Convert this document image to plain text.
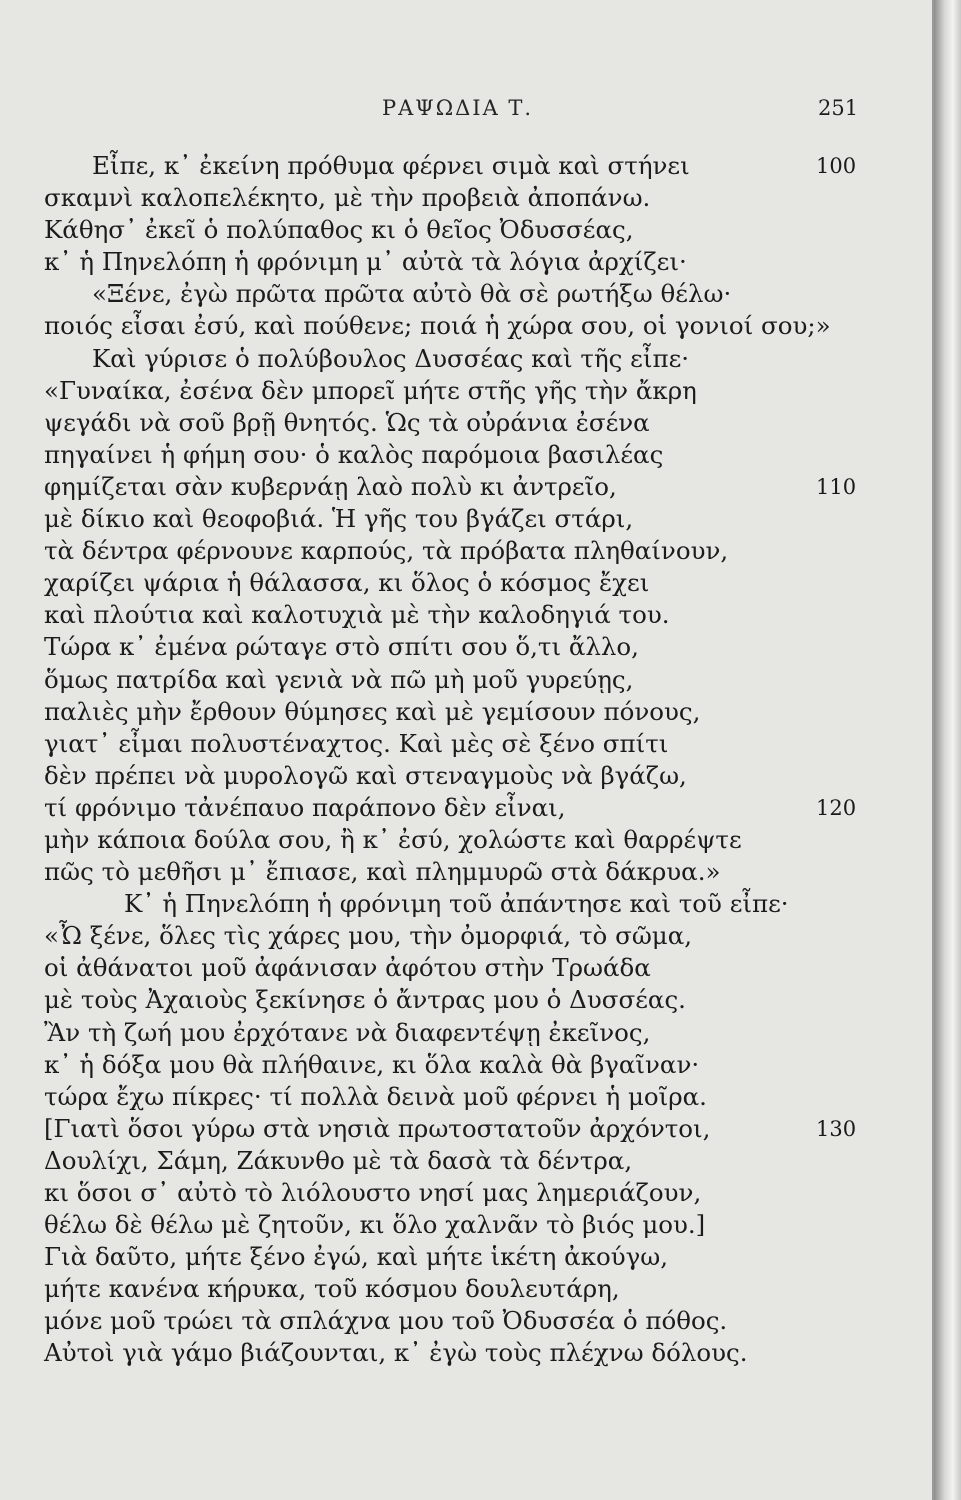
ΡΑΨΩΔΙΑ Τ.	251
Εἶπε, κ᾽ ἐκείνη πρόθυμα φέρνει σιμὰ καὶ στήνει	100
σκαμνὶ καλοπελέκητο, μὲ τὴν προβειὰ ἀποπάνω.
Κάθησ᾽ ἐκεῖ ὁ πολύπαθος κι ὁ θεῖος Ὀδυσσέας,
κ᾽ ἡ Πηνελόπη ἡ φρόνιμη μ᾽ αὐτὰ τὰ λόγια ἀρχίζει·
«Ξένε, ἐγὼ πρῶτα πρῶτα αὐτὸ θὰ σὲ ρωτήξω θέλω·
ποιός εἶσαι ἐσύ, καὶ πούθενε; ποιά ἡ χώρα σου, οἱ γονιοί σου;»
Καὶ γύρισε ὁ πολύβουλος Δυσσέας καὶ τῆς εἶπε·
«Γυναίκα, ἐσένα δὲν μπορεῖ μήτε στῆς γῆς τὴν ἄκρη
ψεγάδι νὰ σοῦ βρῇ θνητός. Ὡς τὰ οὐράνια ἐσένα
πηγαίνει ἡ φήμη σου· ὁ καλὸς παρόμοια βασιλέας
φημίζεται σὰν κυβερνάῃ λαὸ πολὺ κι ἀντρεῖο,	110
μὲ δίκιο καὶ θεοφοβιά. Ἡ γῆς του βγάζει στάρι,
τὰ δέντρα φέρνουνε καρπούς, τὰ πρόβατα πληθαίνουν,
χαρίζει ψάρια ἡ θάλασσα, κι ὅλος ὁ κόσμος ἔχει
καὶ πλούτια καὶ καλοτυχιὰ μὲ τὴν καλοδηγιά του.
Τώρα κ᾽ ἐμένα ρώταγε στὸ σπίτι σου ὅ,τι ἄλλο,
ὅμως πατρίδα καὶ γενιὰ νὰ πῶ μὴ μοῦ γυρεύῃς,
παλιὲς μὴν ἔρθουν θύμησες καὶ μὲ γεμίσουν πόνους,
γιατ᾽ εἶμαι πολυστέναχτος. Καὶ μὲς σὲ ξένο σπίτι
δὲν πρέπει νὰ μυρολογῶ καὶ στεναγμοὺς νὰ βγάζω,
τί φρόνιμο τἀνέπαυο παράπονο δὲν εἶναι,	120
μὴν κάποια δούλα σου, ἢ κ᾽ ἐσύ, χολώστε καὶ θαρρέψτε
πῶς τὸ μεθῆσι μ᾽ ἔπιασε, καὶ πλημμυρῶ στὰ δάκρυα.»
Κ᾽ ἡ Πηνελόπη ἡ φρόνιμη τοῦ ἀπάντησε καὶ τοῦ εἶπε·
«Ὦ ξένε, ὅλες τὶς χάρες μου, τὴν ὀμορφιά, τὸ σῶμα,
οἱ ἀθάνατοι μοῦ ἀφάνισαν ἀφότου στὴν Τρωάδα
μὲ τοὺς Ἀχαιοὺς ξεκίνησε ὁ ἄντρας μου ὁ Δυσσέας.
Ἂν τὴ ζωή μου ἐρχότανε νὰ διαφεντέψῃ ἐκεῖνος,
κ᾽ ἡ δόξα μου θὰ πλήθαινε, κι ὅλα καλὰ θὰ βγαῖναν·
τώρα ἔχω πίκρες· τί πολλὰ δεινὰ μοῦ φέρνει ἡ μοῖρα.
[Γιατὶ ὅσοι γύρω στὰ νησιὰ πρωτοστατοῦν ἀρχόντοι,	130
Δουλίχι, Σάμη, Ζάκυνθο μὲ τὰ δασὰ τὰ δέντρα,
κι ὅσοι σ᾽ αὐτὸ τὸ λιόλουστο νησί μας λημεριάζουν,
θέλω δὲ θέλω μὲ ζητοῦν, κι ὅλο χαλνᾶν τὸ βιός μου.]
Γιὰ δαῦτο, μήτε ξένο ἐγώ, καὶ μήτε ἱκέτη ἀκούγω,
μήτε κανένα κήρυκα, τοῦ κόσμου δουλευτάρη,
μόνε μοῦ τρώει τὰ σπλάχνα μου τοῦ Ὀδυσσέα ὁ πόθος.
Αὐτοὶ γιὰ γάμο βιάζουνται, κ᾽ ἐγὼ τοὺς πλέχνω δόλους.
